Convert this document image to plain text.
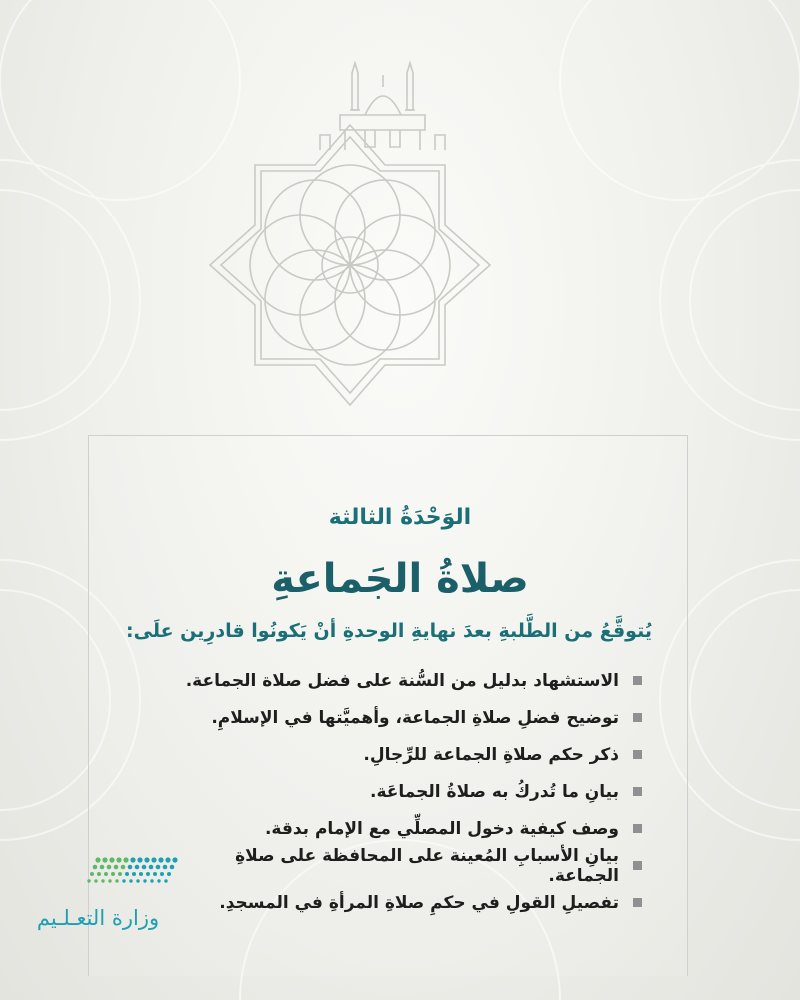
الوَحْدَةُ الثالثة
صلاةُ الجَماعةِ
يُتوقَّعُ من الطَّلبةِ بعدَ نهايةِ الوحدةِ أنْ يَكونُوا قادرِين علَى:
الاستشهاد بدليل من السُّنة على فضل صلاة الجماعة.
توضيح فضلِ صلاةِ الجماعة، وأهميَّتها في الإسلامِ.
ذكر حكم صلاةِ الجماعة للرِّجالِ.
بيانِ ما تُدركُ به صلاةُ الجماعَة.
وصف كيفية دخول المصلِّي مع الإمام بدقة.
بيانِ الأسبابِ المُعينة على المحافظة على صلاةِ الجماعة.
تفصيلِ القولِ في حكمِ صلاةِ المرأةِ في المسجدِ.
وزارة التعـلـيم
